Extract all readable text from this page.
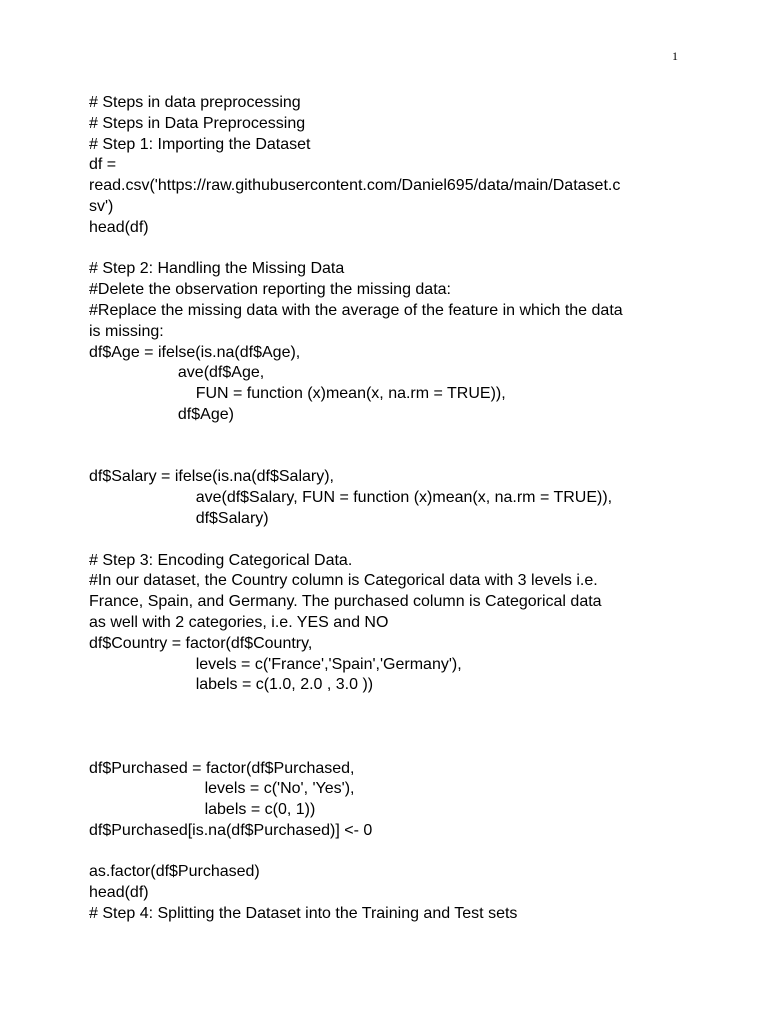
1
# Steps in data preprocessing
# Steps in Data Preprocessing
# Step 1: Importing the Dataset
df =
read.csv('https://raw.githubusercontent.com/Daniel695/data/main/Dataset.c
sv')
head(df)
# Step 2: Handling the Missing Data
#Delete the observation reporting the missing data:
#Replace the missing data with the average of the feature in which the data
is missing:
df$Age = ifelse(is.na(df$Age),
ave(df$Age,
FUN = function (x)mean(x, na.rm = TRUE)),
df$Age)
df$Salary = ifelse(is.na(df$Salary),
ave(df$Salary, FUN = function (x)mean(x, na.rm = TRUE)),
df$Salary)
# Step 3: Encoding Categorical Data.
#In our dataset, the Country column is Categorical data with 3 levels i.e.
France, Spain, and Germany. The purchased column is Categorical data
as well with 2 categories, i.e. YES and NO
df$Country = factor(df$Country,
levels = c('France','Spain','Germany'),
labels = c(1.0, 2.0 , 3.0 ))
df$Purchased = factor(df$Purchased,
levels = c('No', 'Yes'),
labels = c(0, 1))
df$Purchased[is.na(df$Purchased)] <- 0
as.factor(df$Purchased)
head(df)
# Step 4: Splitting the Dataset into the Training and Test sets
